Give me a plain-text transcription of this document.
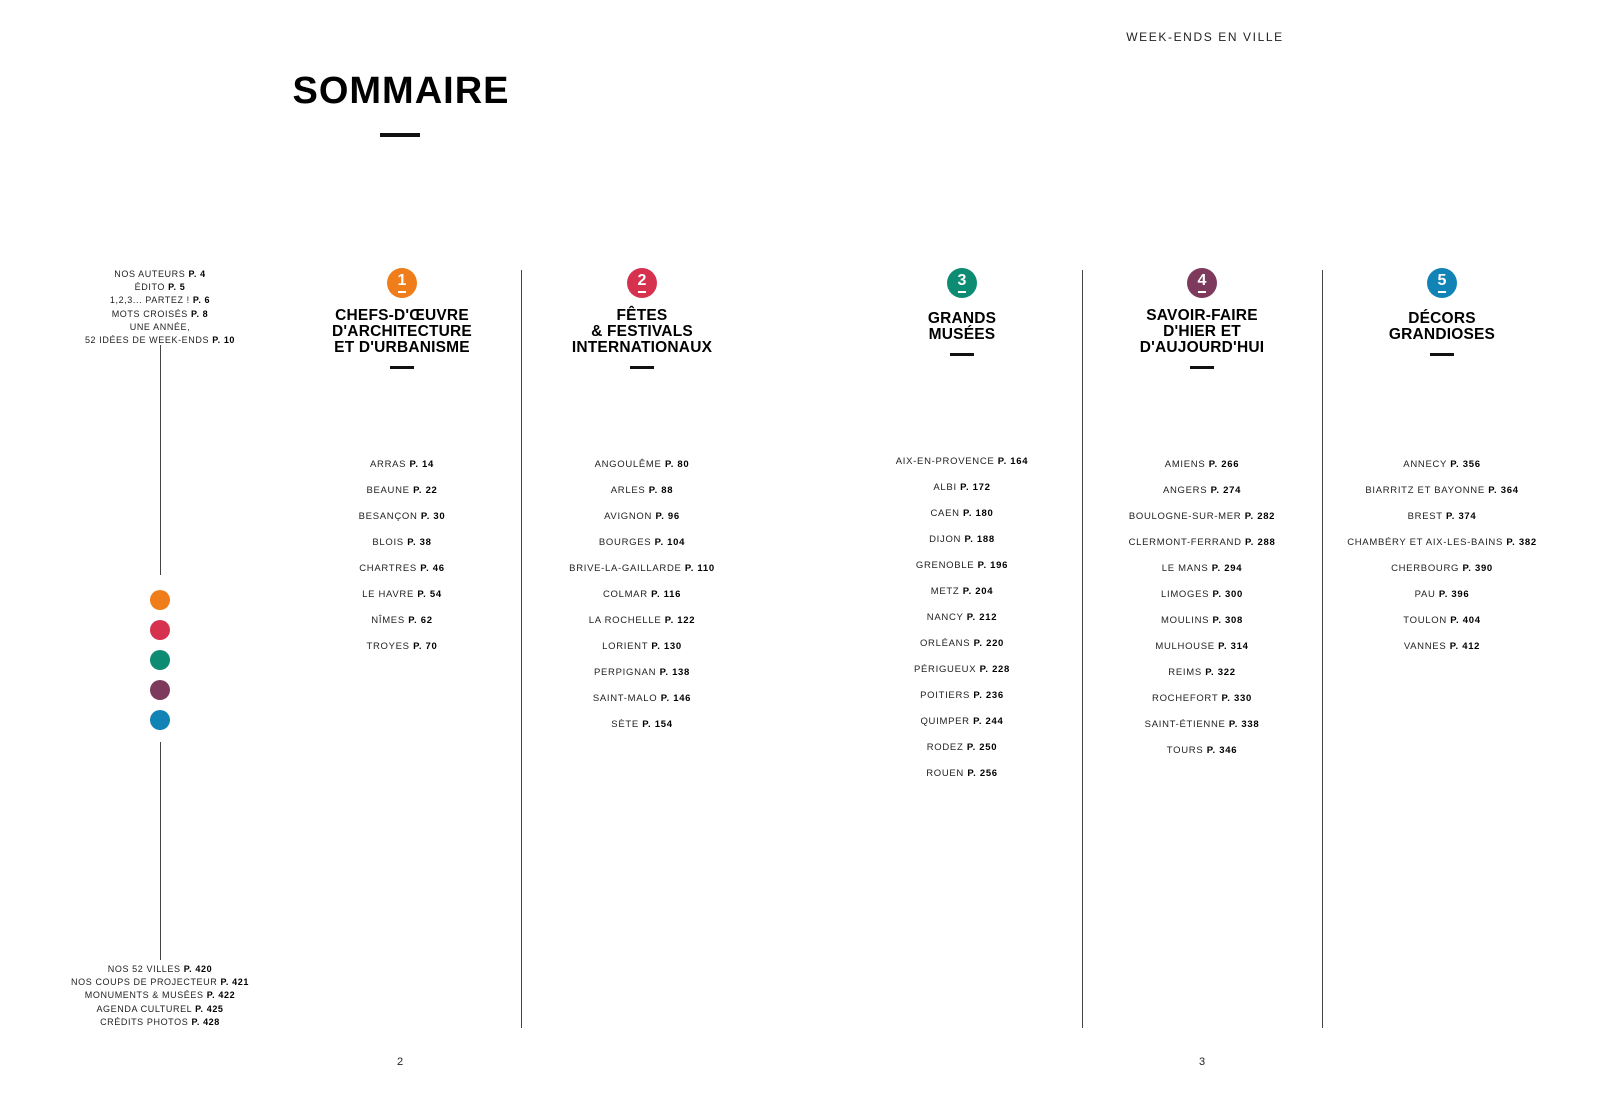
WEEK-ENDS EN VILLE
SOMMAIRE
NOS AUTEURS P. 4
ÉDITO P. 5
1,2,3... PARTEZ ! P. 6
MOTS CROISÉS P. 8
UNE ANNÉE,
52 IDÉES DE WEEK-ENDS P. 10
NOS 52 VILLES P. 420
NOS COUPS DE PROJECTEUR P. 421
MONUMENTS & MUSÉES P. 422
AGENDA CULTUREL P. 425
CRÉDITS PHOTOS P. 428
1
CHEFS-D'ŒUVRE
D'ARCHITECTURE
ET D'URBANISME
ARRAS P. 14
BEAUNE P. 22
BESANÇON P. 30
BLOIS P. 38
CHARTRES P. 46
LE HAVRE P. 54
NÎMES P. 62
TROYES P. 70
2
FÊTES
& FESTIVALS
INTERNATIONAUX
ANGOULÊME P. 80
ARLES P. 88
AVIGNON P. 96
BOURGES P. 104
BRIVE-LA-GAILLARDE P. 110
COLMAR P. 116
LA ROCHELLE P. 122
LORIENT P. 130
PERPIGNAN P. 138
SAINT-MALO P. 146
SÈTE P. 154
3
GRANDS
MUSÉES
AIX-EN-PROVENCE P. 164
ALBI P. 172
CAEN P. 180
DIJON P. 188
GRENOBLE P. 196
METZ P. 204
NANCY P. 212
ORLÉANS P. 220
PÉRIGUEUX P. 228
POITIERS P. 236
QUIMPER P. 244
RODEZ P. 250
ROUEN P. 256
4
SAVOIR-FAIRE
D'HIER ET
D'AUJOURD'HUI
AMIENS P. 266
ANGERS P. 274
BOULOGNE-SUR-MER P. 282
CLERMONT-FERRAND P. 288
LE MANS P. 294
LIMOGES P. 300
MOULINS P. 308
MULHOUSE P. 314
REIMS P. 322
ROCHEFORT P. 330
SAINT-ÉTIENNE P. 338
TOURS P. 346
5
DÉCORS
GRANDIOSES
ANNECY P. 356
BIARRITZ ET BAYONNE P. 364
BREST P. 374
CHAMBÉRY ET AIX-LES-BAINS P. 382
CHERBOURG P. 390
PAU P. 396
TOULON P. 404
VANNES P. 412
2	3
